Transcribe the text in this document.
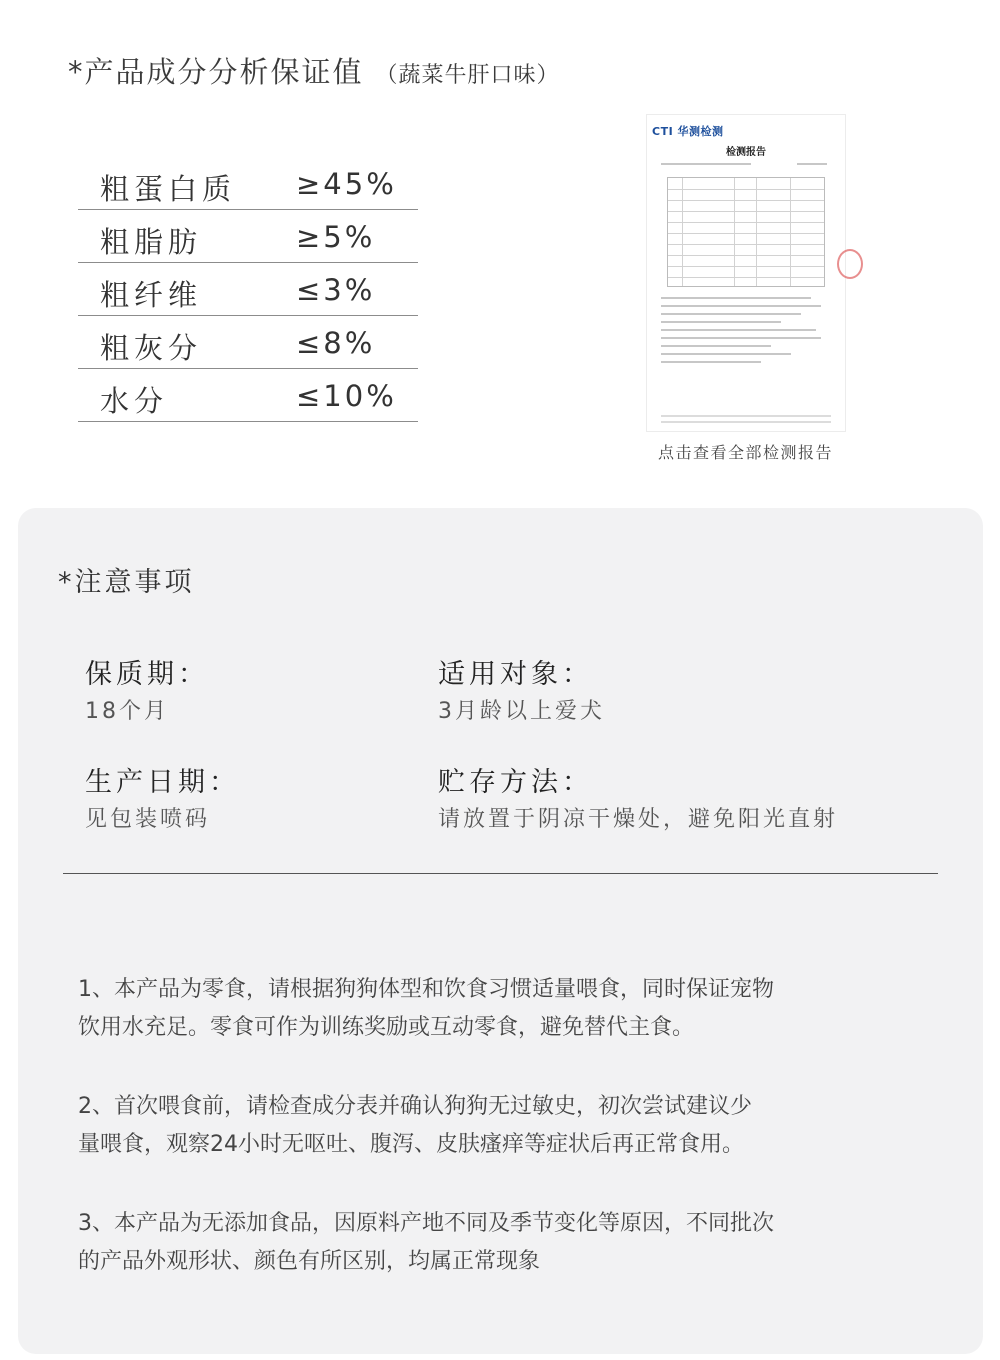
*产品成分分析保证值 （蔬菜牛肝口味）
粗蛋白质 ≥45%
粗脂肪	≥5%
粗纤维	≤3%
粗灰分	≤8%
水分	≤10%
CTI 华测检测
检测报告
点击查看全部检测报告
*注意事项
保质期：
18个月
适用对象：
3月龄以上爱犬
生产日期：
见包装喷码
贮存方法：
请放置于阴凉干燥处，避免阳光直射
1、本产品为零食，请根据狗狗体型和饮食习惯适量喂食，同时保证宠物
饮用水充足。零食可作为训练奖励或互动零食，避免替代主食。
2、首次喂食前，请检查成分表并确认狗狗无过敏史，初次尝试建议少
量喂食，观察24小时无呕吐、腹泻、皮肤瘙痒等症状后再正常食用。
3、本产品为无添加食品，因原料产地不同及季节变化等原因，不同批次
的产品外观形状、颜色有所区别，均属正常现象
